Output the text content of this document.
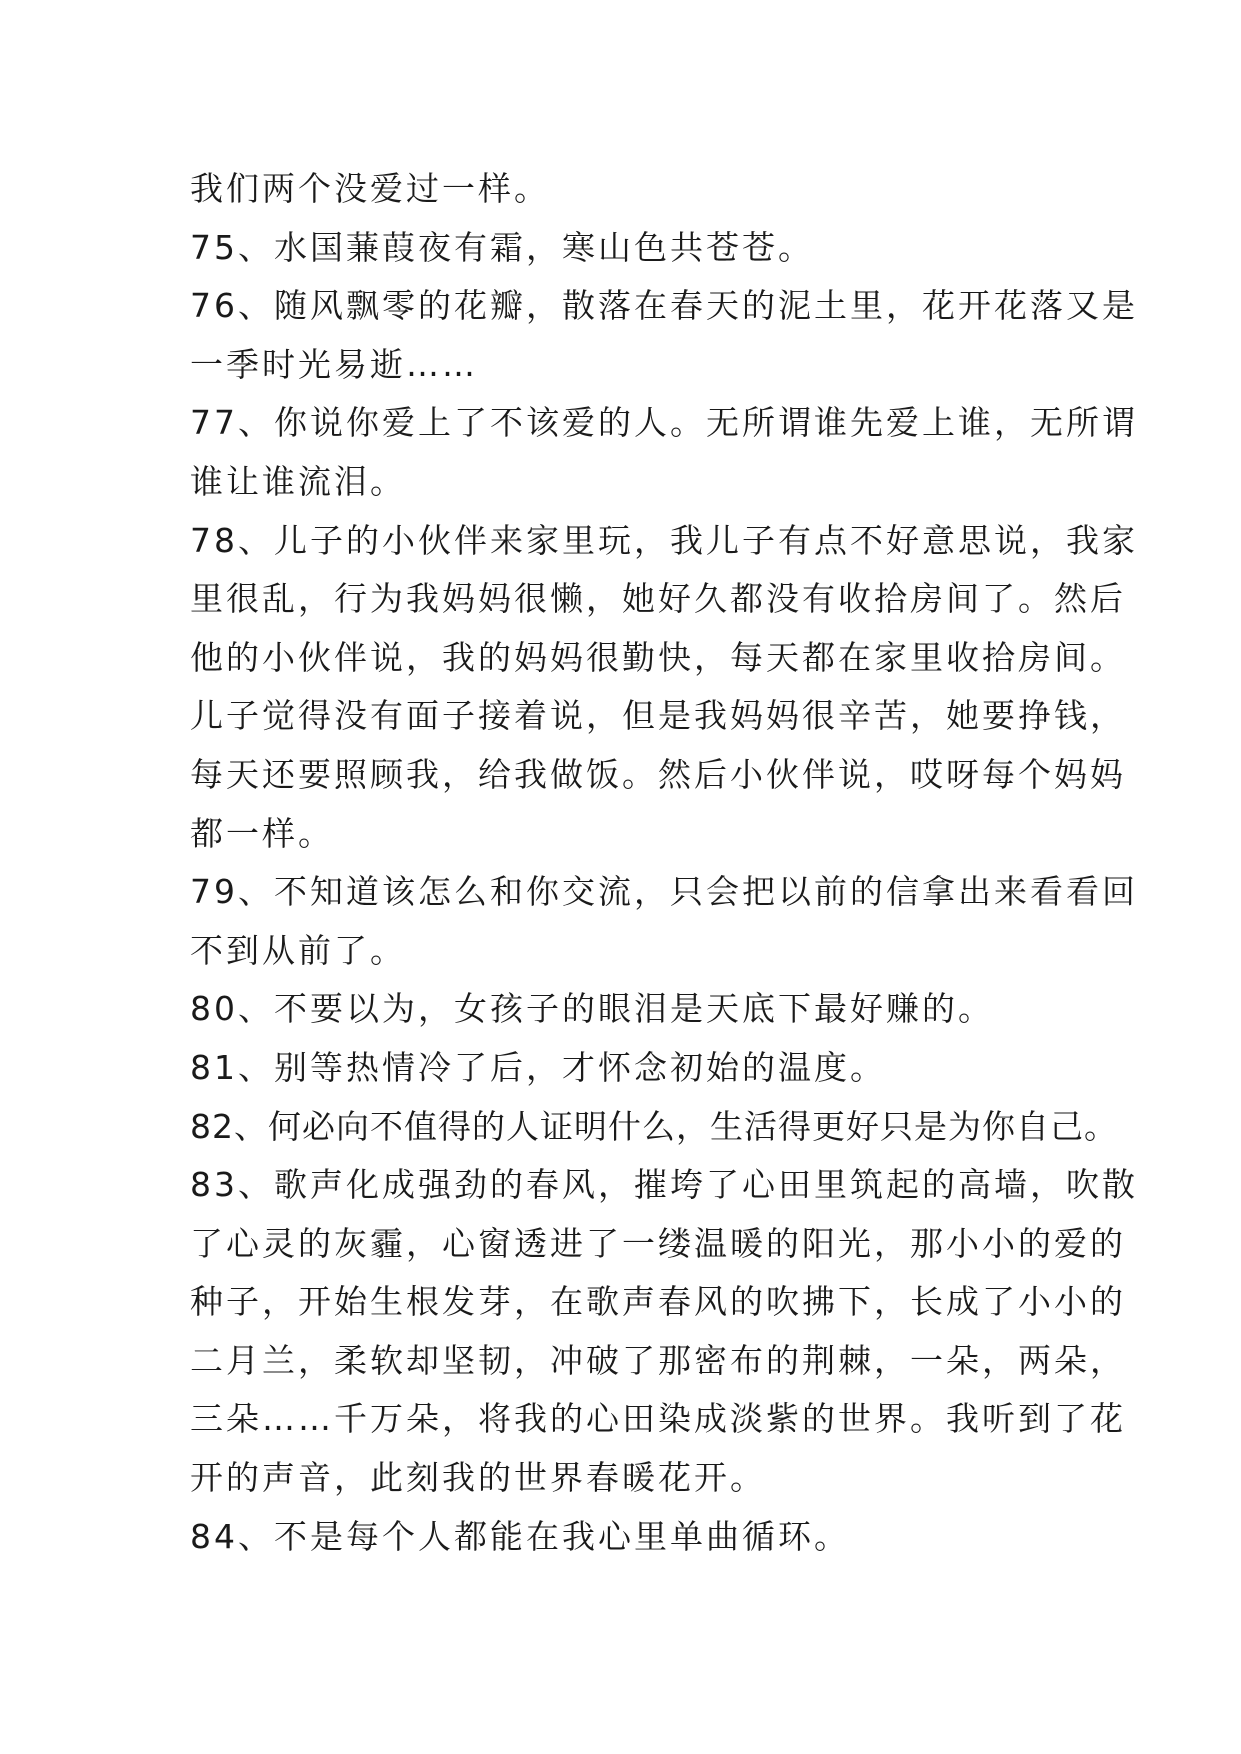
我们两个没爱过一样。
75、水国蒹葭夜有霜，寒山色共苍苍。
76、随风飘零的花瓣，散落在春天的泥土里，花开花落又是
一季时光易逝……
77、你说你爱上了不该爱的人。无所谓谁先爱上谁，无所谓
谁让谁流泪。
78、儿子的小伙伴来家里玩，我儿子有点不好意思说，我家
里很乱，行为我妈妈很懒，她好久都没有收拾房间了。然后
他的小伙伴说，我的妈妈很勤快，每天都在家里收拾房间。
儿子觉得没有面子接着说，但是我妈妈很辛苦，她要挣钱，
每天还要照顾我，给我做饭。然后小伙伴说，哎呀每个妈妈
都一样。
79、不知道该怎么和你交流，只会把以前的信拿出来看看回
不到从前了。
80、不要以为，女孩子的眼泪是天底下最好赚的。
81、别等热情冷了后，才怀念初始的温度。
82、何必向不值得的人证明什么，生活得更好只是为你自己。
83、歌声化成强劲的春风，摧垮了心田里筑起的高墙，吹散
了心灵的灰霾，心窗透进了一缕温暖的阳光，那小小的爱的
种子，开始生根发芽，在歌声春风的吹拂下，长成了小小的
二月兰，柔软却坚韧，冲破了那密布的荆棘，一朵，两朵，
三朵……千万朵，将我的心田染成淡紫的世界。我听到了花
开的声音，此刻我的世界春暖花开。
84、不是每个人都能在我心里单曲循环。
